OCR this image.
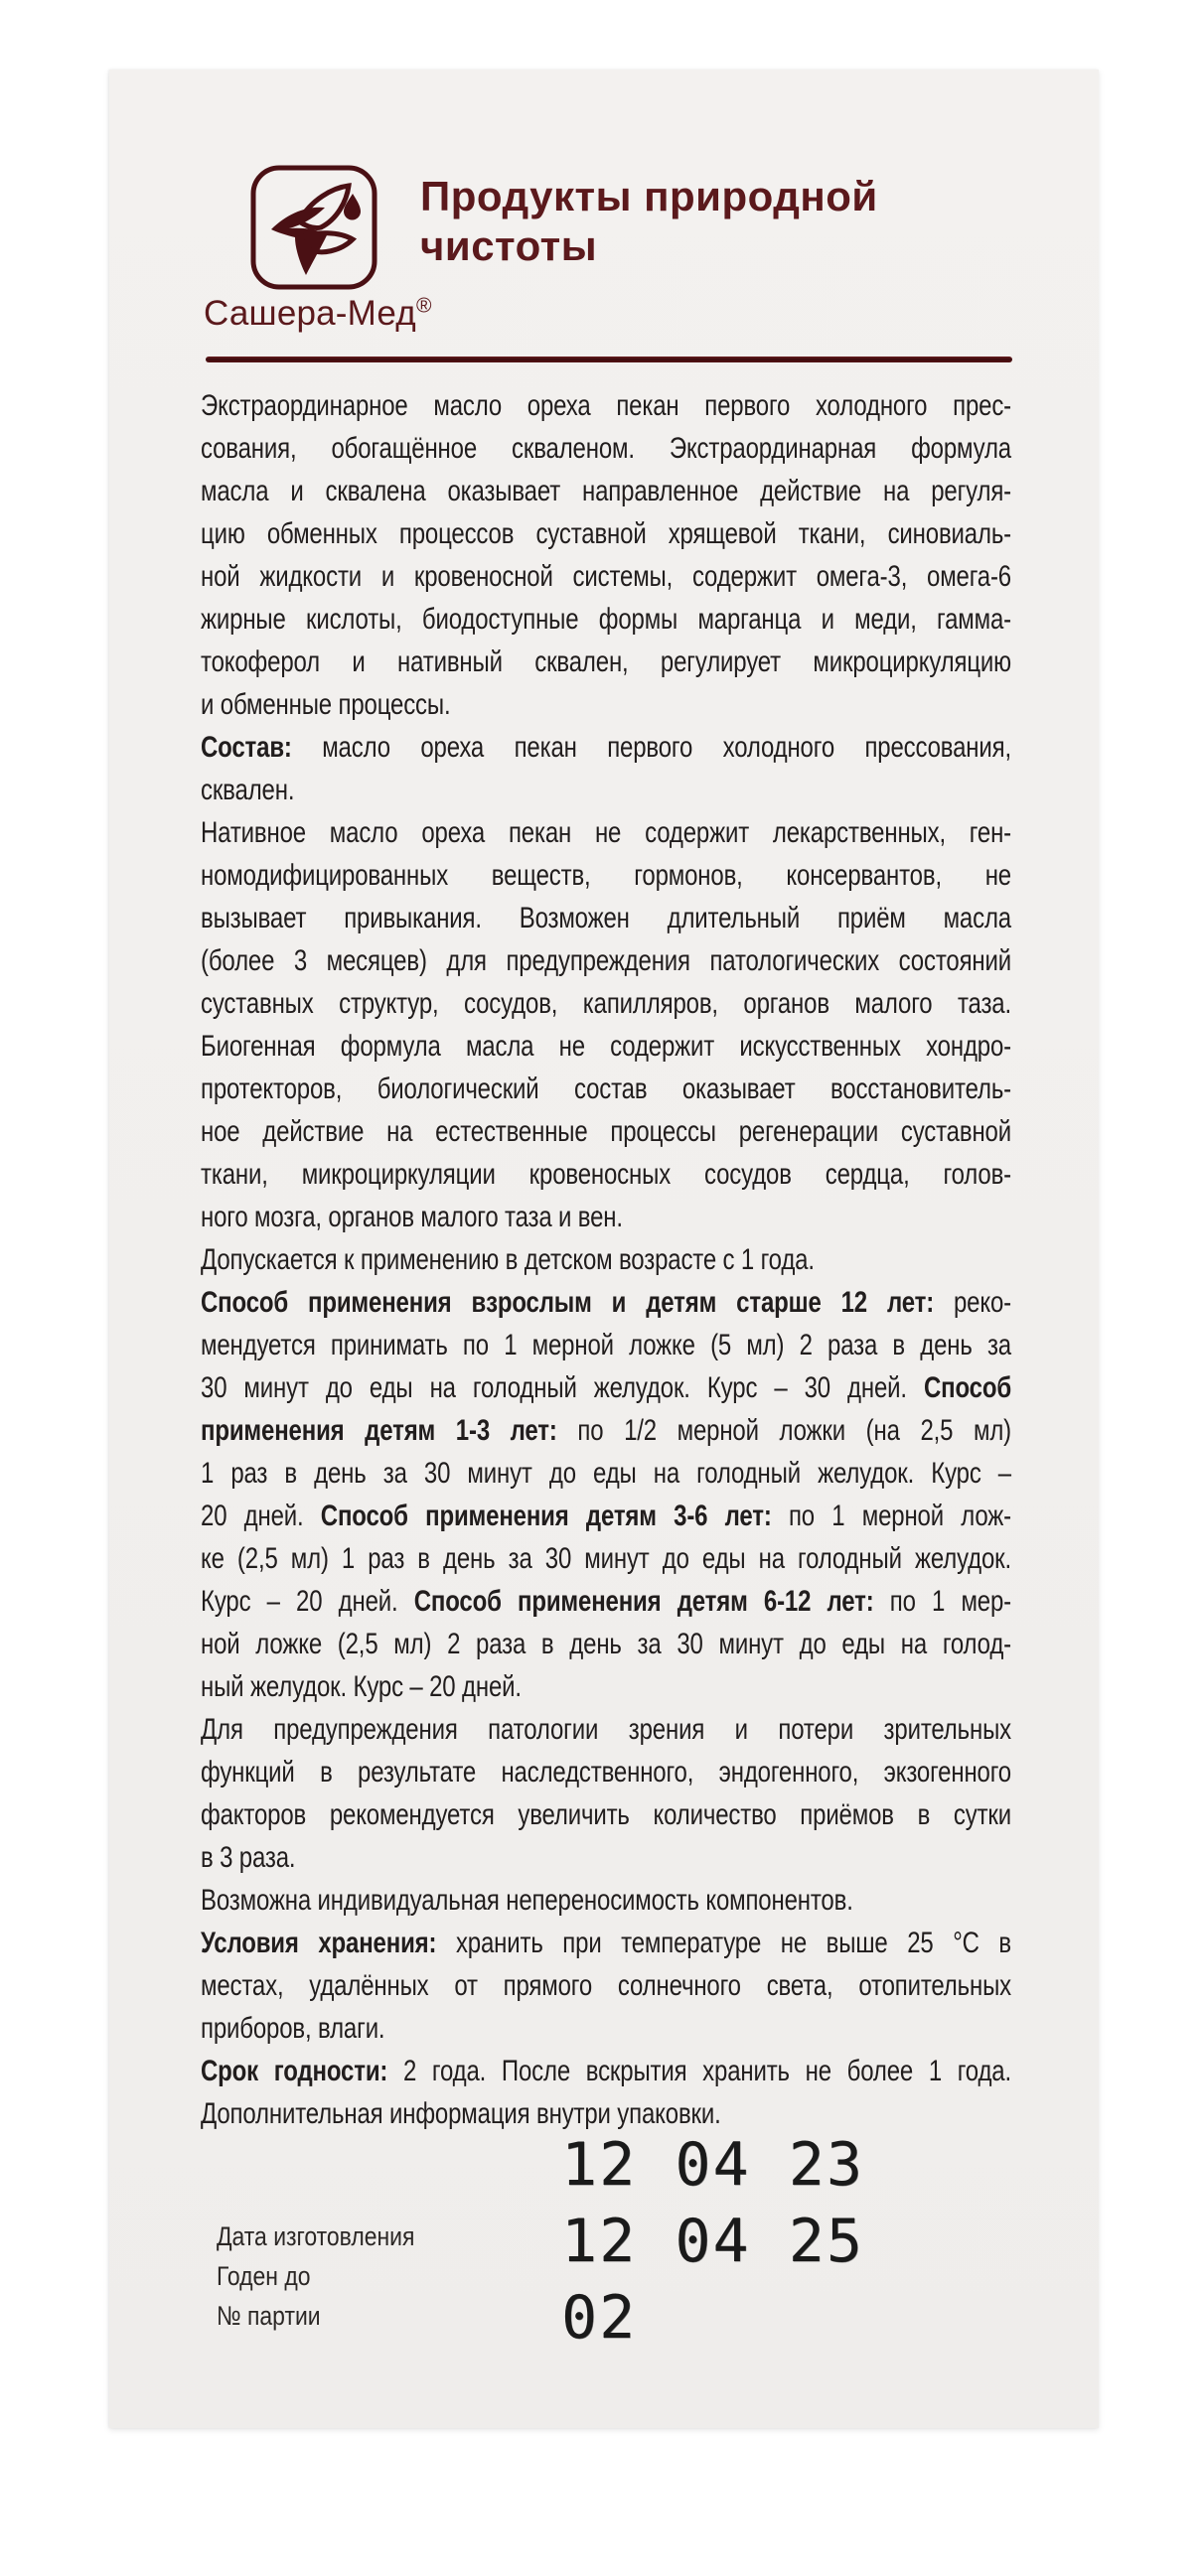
Продукты природной
чистоты
Сашера-Мед®
Экстраординарное масло ореха пекан первого холодного прес-
сования, обогащённое скваленом. Экстраординарная формула
масла и сквалена оказывает направленное действие на регуля-
цию обменных процессов суставной хрящевой ткани, синовиаль-
ной жидкости и кровеносной системы, содержит омега-3, омега-6
жирные кислоты, биодоступные формы марганца и меди, гамма-
токоферол и нативный сквален, регулирует микроциркуляцию
и обменные процессы.
Состав: масло ореха пекан первого холодного прессования,
сквален.
Нативное масло ореха пекан не содержит лекарственных, ген-
номодифицированных веществ, гормонов, консервантов, не
вызывает привыкания. Возможен длительный приём масла
(более 3 месяцев) для предупреждения патологических состояний
суставных структур, сосудов, капилляров, органов малого таза.
Биогенная формула масла не содержит искусственных хондро-
протекторов, биологический состав оказывает восстановитель-
ное действие на естественные процессы регенерации суставной
ткани, микроциркуляции кровеносных сосудов сердца, голов-
ного мозга, органов малого таза и вен.
Допускается к применению в детском возрасте с 1 года.
Способ применения взрослым и детям старше 12 лет: реко-
мендуется принимать по 1 мерной ложке (5 мл) 2 раза в день за
30 минут до еды на голодный желудок. Курс – 30 дней. Способ
применения детям 1-3 лет: по 1/2 мерной ложки (на 2,5 мл)
1 раз в день за 30 минут до еды на голодный желудок. Курс –
20 дней. Способ применения детям 3-6 лет: по 1 мерной лож-
ке (2,5 мл) 1 раз в день за 30 минут до еды на голодный желудок.
Курс – 20 дней. Способ применения детям 6-12 лет: по 1 мер-
ной ложке (2,5 мл) 2 раза в день за 30 минут до еды на голод-
ный желудок. Курс – 20 дней.
Для предупреждения патологии зрения и потери зрительных
функций в результате наследственного, эндогенного, экзогенного
факторов рекомендуется увеличить количество приёмов в сутки
в 3 раза.
Возможна индивидуальная непереносимость компонентов.
Условия хранения: хранить при температуре не выше 25 °С в
местах, удалённых от прямого солнечного света, отопительных
приборов, влаги.
Срок годности: 2 года. После вскрытия хранить не более 1 года.
Дополнительная информация внутри упаковки.
Дата изготовления
Годен до
№ партии
12 04 23
12 04 25
02
